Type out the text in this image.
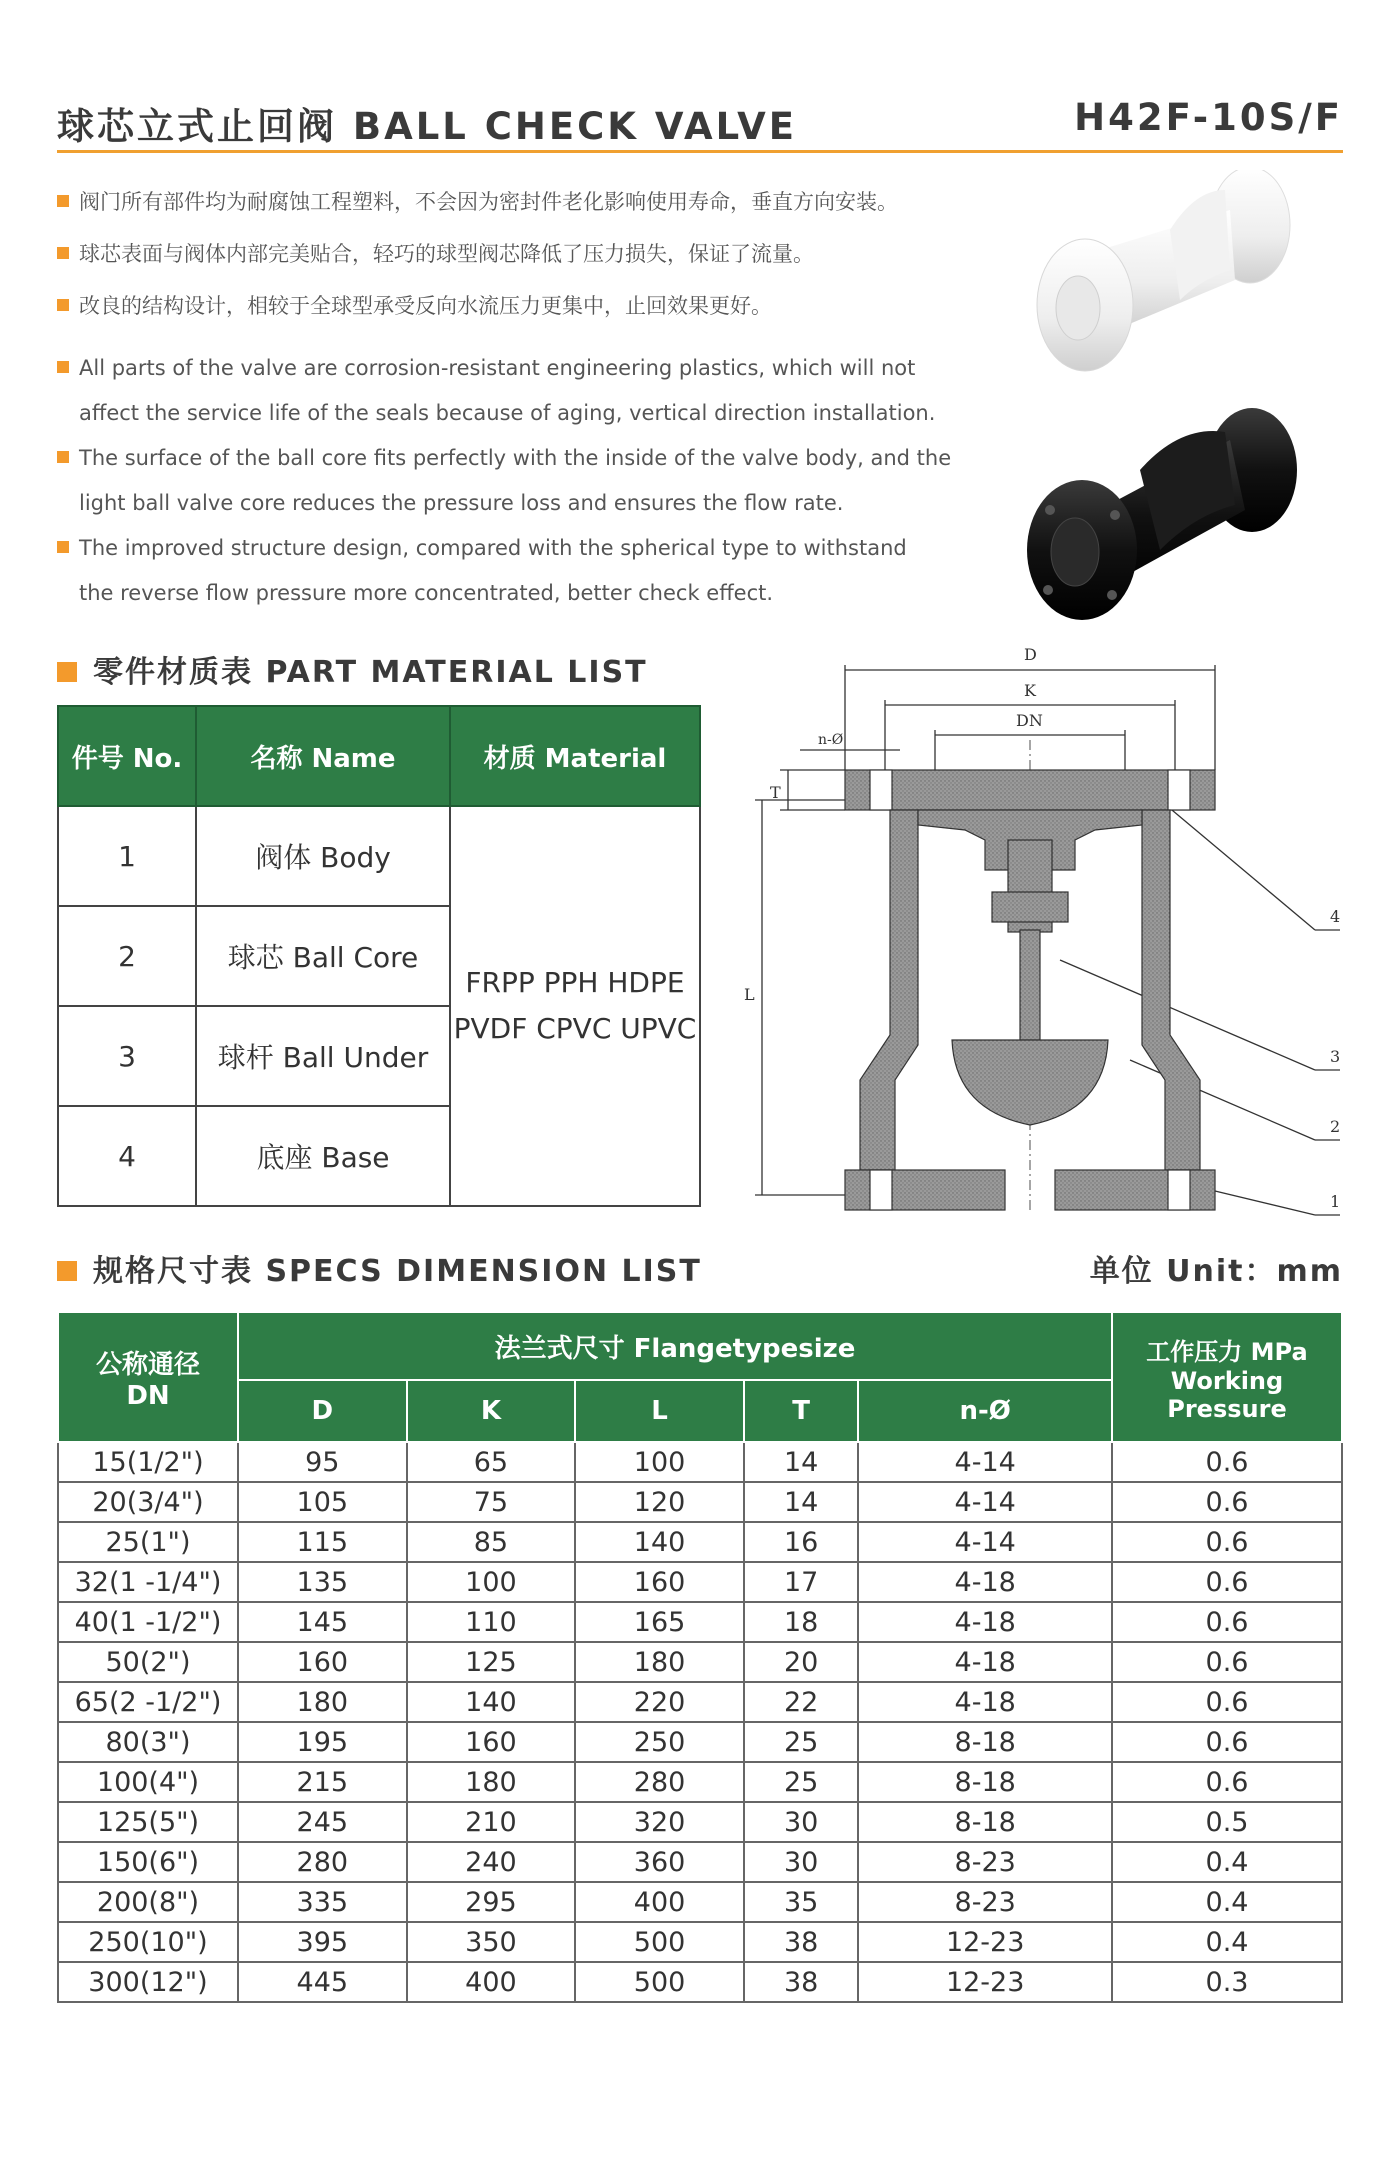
球芯立式止回阀 BALL CHECK VALVE	H42F-10S/F
阀门所有部件均为耐腐蚀工程塑料，不会因为密封件老化影响使用寿命，垂直方向安装。
球芯表面与阀体内部完美贴合，轻巧的球型阀芯降低了压力损失，保证了流量。
改良的结构设计，相较于全球型承受反向水流压力更集中，止回效果更好。
All parts of the valve are corrosion-resistant engineering plastics, which will not
affect the service life of the seals because of aging, vertical direction installation.
The surface of the ball core fits perfectly with the inside of the valve body, and the
light ball valve core reduces the pressure loss and ensures the flow rate.
The improved structure design, compared with the spherical type to withstand
the reverse flow pressure more concentrated, better check effect.
零件材质表 PART MATERIAL LIST
件号 No.	名称 Name	材质 Material
1	阀体 Body	FRPP PPH HDPE
PVDF CPVC UPVC
2	球芯 Ball Core	
3	球杆 Ball Under	
4	底座 Base	
D
K
DN
n-Ø
T
L
4
3
2
1
规格尺寸表 SPECS DIMENSION LIST	单位 Unit：mm
公称通径
DN	法兰式尺寸 Flangetypesize					工作压力 MPa
Working Pressure
	D	K	L	T	n-Ø	
15(1/2")	95	65	100	14	4-14	0.6
20(3/4")	105	75	120	14	4-14	0.6
25(1")	115	85	140	16	4-14	0.6
32(1 -1/4")	135	100	160	17	4-18	0.6
40(1 -1/2")	145	110	165	18	4-18	0.6
50(2")	160	125	180	20	4-18	0.6
65(2 -1/2")	180	140	220	22	4-18	0.6
80(3")	195	160	250	25	8-18	0.6
100(4")	215	180	280	25	8-18	0.6
125(5")	245	210	320	30	8-18	0.5
150(6")	280	240	360	30	8-23	0.4
200(8")	335	295	400	35	8-23	0.4
250(10")	395	350	500	38	12-23	0.4
300(12")	445	400	500	38	12-23	0.3
